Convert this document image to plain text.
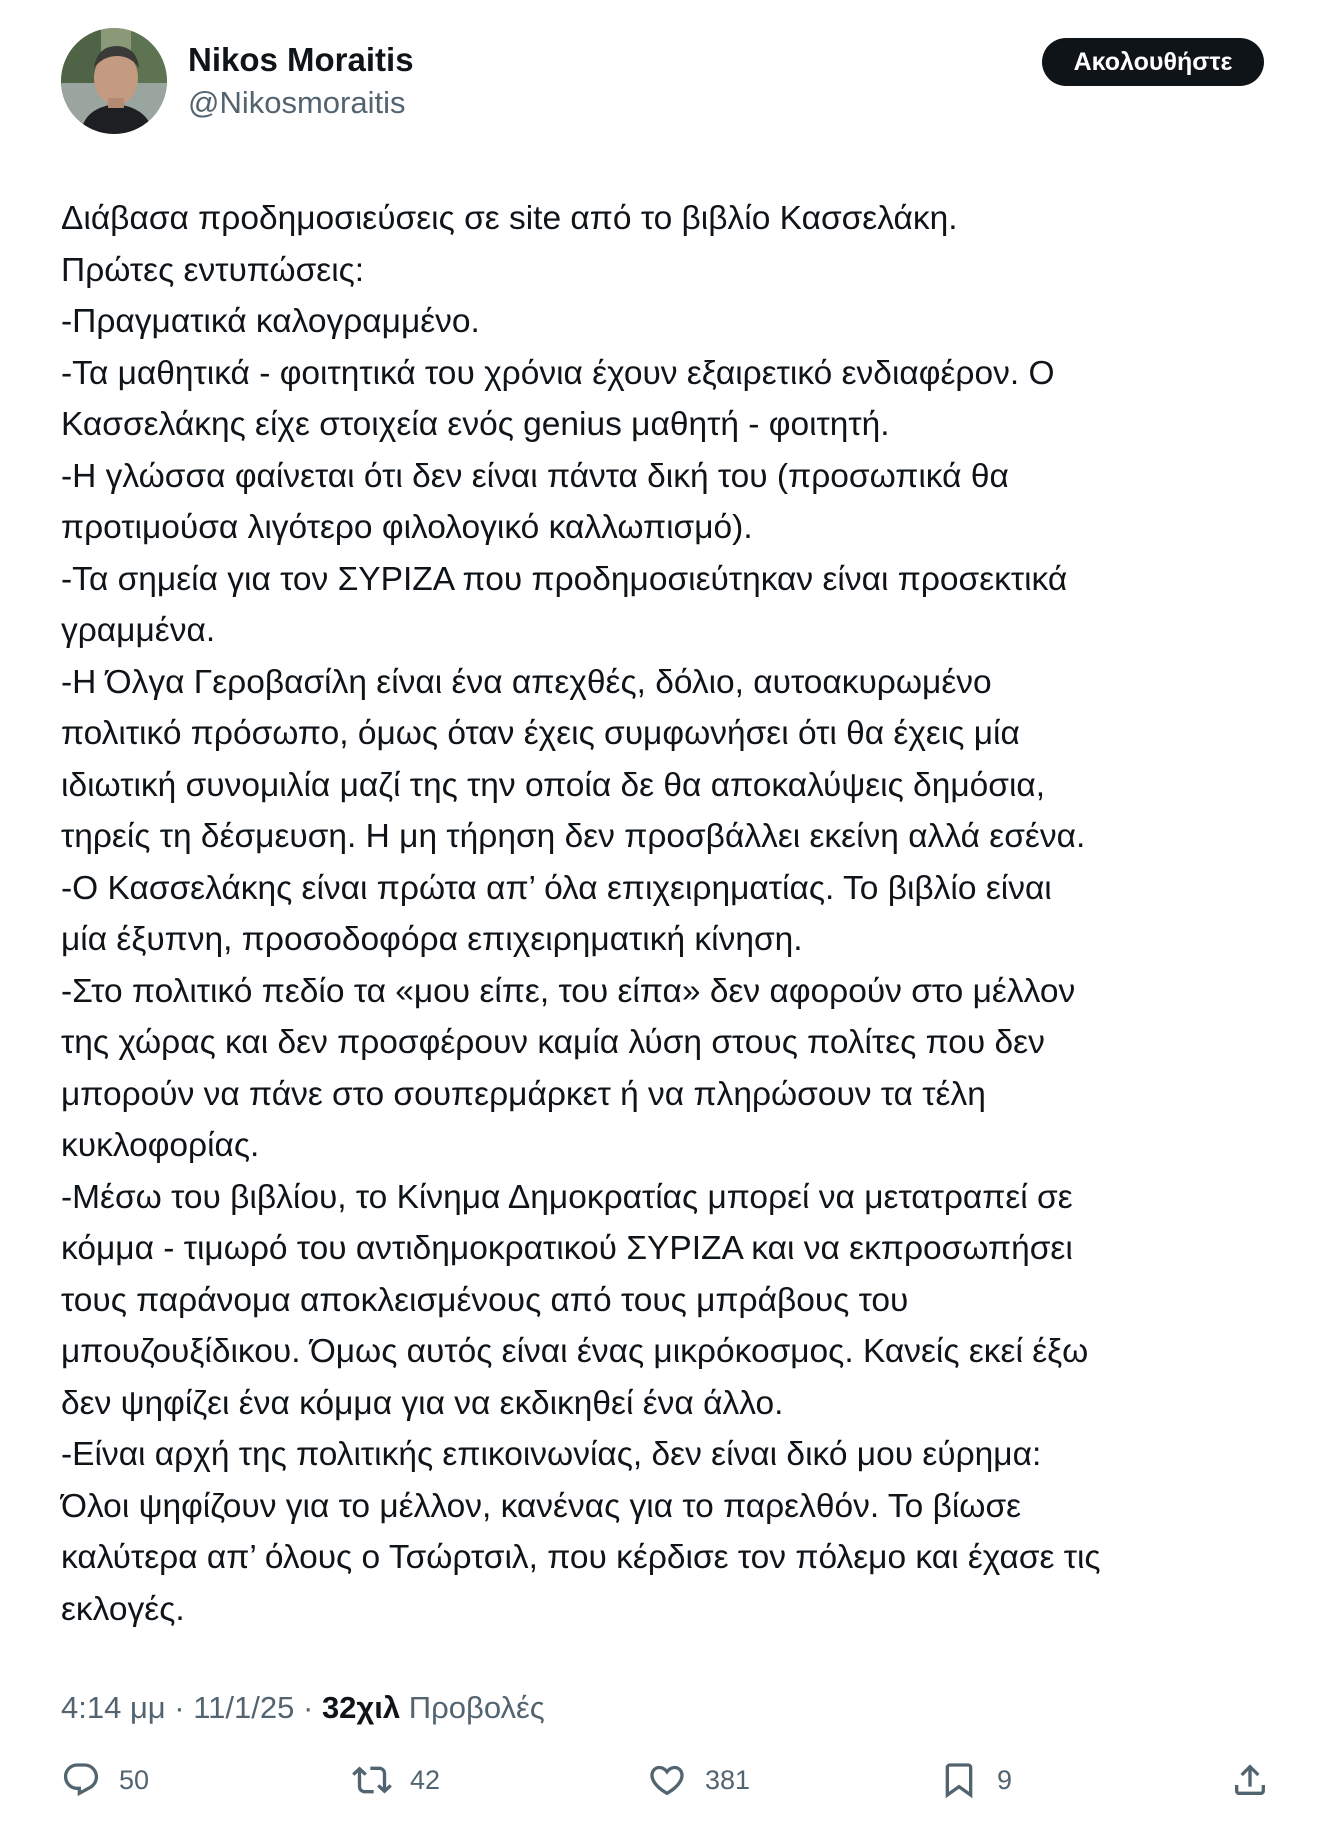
Nikos Moraitis
@Nikosmoraitis
Ακολουθήστε
Διάβασα προδημοσιεύσεις σε site από το βιβλίο Κασσελάκη.
Πρώτες εντυπώσεις:
-Πραγματικά καλογραμμένο.
-Τα μαθητικά - φοιτητικά του χρόνια έχουν εξαιρετικό ενδιαφέρον. Ο
Κασσελάκης είχε στοιχεία ενός genius μαθητή - φοιτητή.
-Η γλώσσα φαίνεται ότι δεν είναι πάντα δική του (προσωπικά θα
προτιμούσα λιγότερο φιλολογικό καλλωπισμό).
-Τα σημεία για τον ΣΥΡΙΖΑ που προδημοσιεύτηκαν είναι προσεκτικά
γραμμένα.
-Η Όλγα Γεροβασίλη είναι ένα απεχθές, δόλιο, αυτοακυρωμένο
πολιτικό πρόσωπο, όμως όταν έχεις συμφωνήσει ότι θα έχεις μία
ιδιωτική συνομιλία μαζί της την οποία δε θα αποκαλύψεις δημόσια,
τηρείς τη δέσμευση. Η μη τήρηση δεν προσβάλλει εκείνη αλλά εσένα.
-Ο Κασσελάκης είναι πρώτα απ’ όλα επιχειρηματίας. Το βιβλίο είναι
μία έξυπνη, προσοδοφόρα επιχειρηματική κίνηση.
-Στο πολιτικό πεδίο τα «μου είπε, του είπα» δεν αφορούν στο μέλλον
της χώρας και δεν προσφέρουν καμία λύση στους πολίτες που δεν
μπορούν να πάνε στο σουπερμάρκετ ή να πληρώσουν τα τέλη
κυκλοφορίας.
-Μέσω του βιβλίου, το Κίνημα Δημοκρατίας μπορεί να μετατραπεί σε
κόμμα - τιμωρό του αντιδημοκρατικού ΣΥΡΙΖΑ και να εκπροσωπήσει
τους παράνομα αποκλεισμένους από τους μπράβους του
μπουζουξίδικου. Όμως αυτός είναι ένας μικρόκοσμος. Κανείς εκεί έξω
δεν ψηφίζει ένα κόμμα για να εκδικηθεί ένα άλλο.
-Είναι αρχή της πολιτικής επικοινωνίας, δεν είναι δικό μου εύρημα:
Όλοι ψηφίζουν για το μέλλον, κανένας για το παρελθόν. Το βίωσε
καλύτερα απ’ όλους ο Τσώρτσιλ, που κέρδισε τον πόλεμο και έχασε τις
εκλογές.
4:14 μμ · 11/1/25 · 32χιλ Προβολές
50	42	381	9
